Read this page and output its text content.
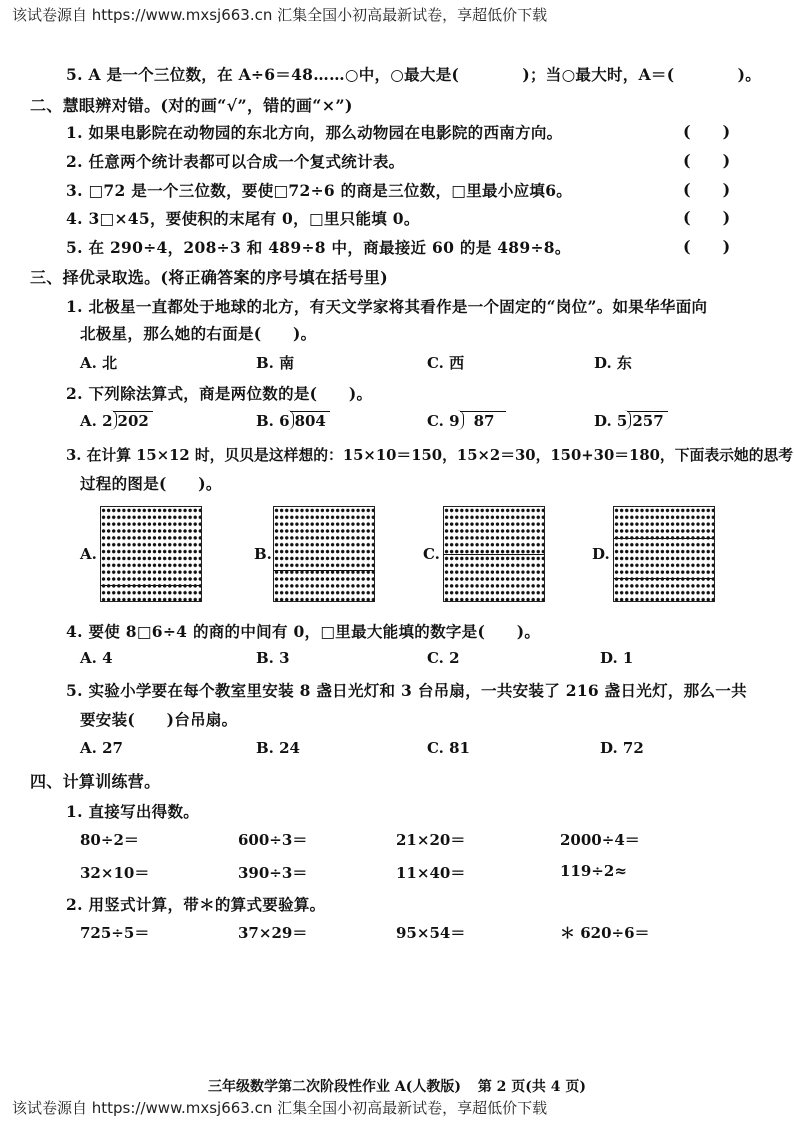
该试卷源自 https://www.mxsj663.cn 汇集全国小初高最新试卷，享超低价下载
5. A 是一个三位数，在 A÷6＝48……○中，○最大是(　　　　)；当○最大时，A＝(　　　　)。
二、慧眼辨对错。(对的画“√”，错的画“×”)
1. 如果电影院在动物园的东北方向，那么动物园在电影院的西南方向。	(　　)
2. 任意两个统计表都可以合成一个复式统计表。	(　　)
3. □72 是一个三位数，要使□72÷6 的商是三位数，□里最小应填6。	(　　)
4. 3□×45，要使积的末尾有 0，□里只能填 0。	(　　)
5. 在 290÷4，208÷3 和 489÷8 中，商最接近 60 的是 489÷8。	(　　)
三、择优录取选。(将正确答案的序号填在括号里)
1. 北极星一直都处于地球的北方，有天文学家将其看作是一个固定的“岗位”。如果华华面向
北极星，那么她的右面是(　　)。
A. 北	B. 南	C. 西	D. 东
2. 下列除法算式，商是两位数的是(　　)。
A. 2 202	B. 6 804	C. 9 87	D. 5 257
3. 在计算 15×12 时，贝贝是这样想的：15×10＝150，15×2＝30，150+30＝180，下面表示她的思考
过程的图是(　　)。
A.	B.	C.	D.
4. 要使 8□6÷4 的商的中间有 0，□里最大能填的数字是(　　)。
A. 4	B. 3	C. 2	D. 1
5. 实验小学要在每个教室里安装 8 盏日光灯和 3 台吊扇，一共安装了 216 盏日光灯，那么一共
要安装(　　)台吊扇。
A. 27	B. 24	C. 81	D. 72
四、计算训练营。
1. 直接写出得数。
80÷2＝	600÷3＝	21×20＝	2000÷4＝
32×10＝	390÷3＝	11×40＝	119÷2≈
2. 用竖式计算，带＊的算式要验算。
725÷5＝	37×29＝	95×54＝	＊ 620÷6＝
三年级数学第二次阶段性作业 A(人教版) 第 2 页(共 4 页)
该试卷源自 https://www.mxsj663.cn 汇集全国小初高最新试卷，享超低价下载
